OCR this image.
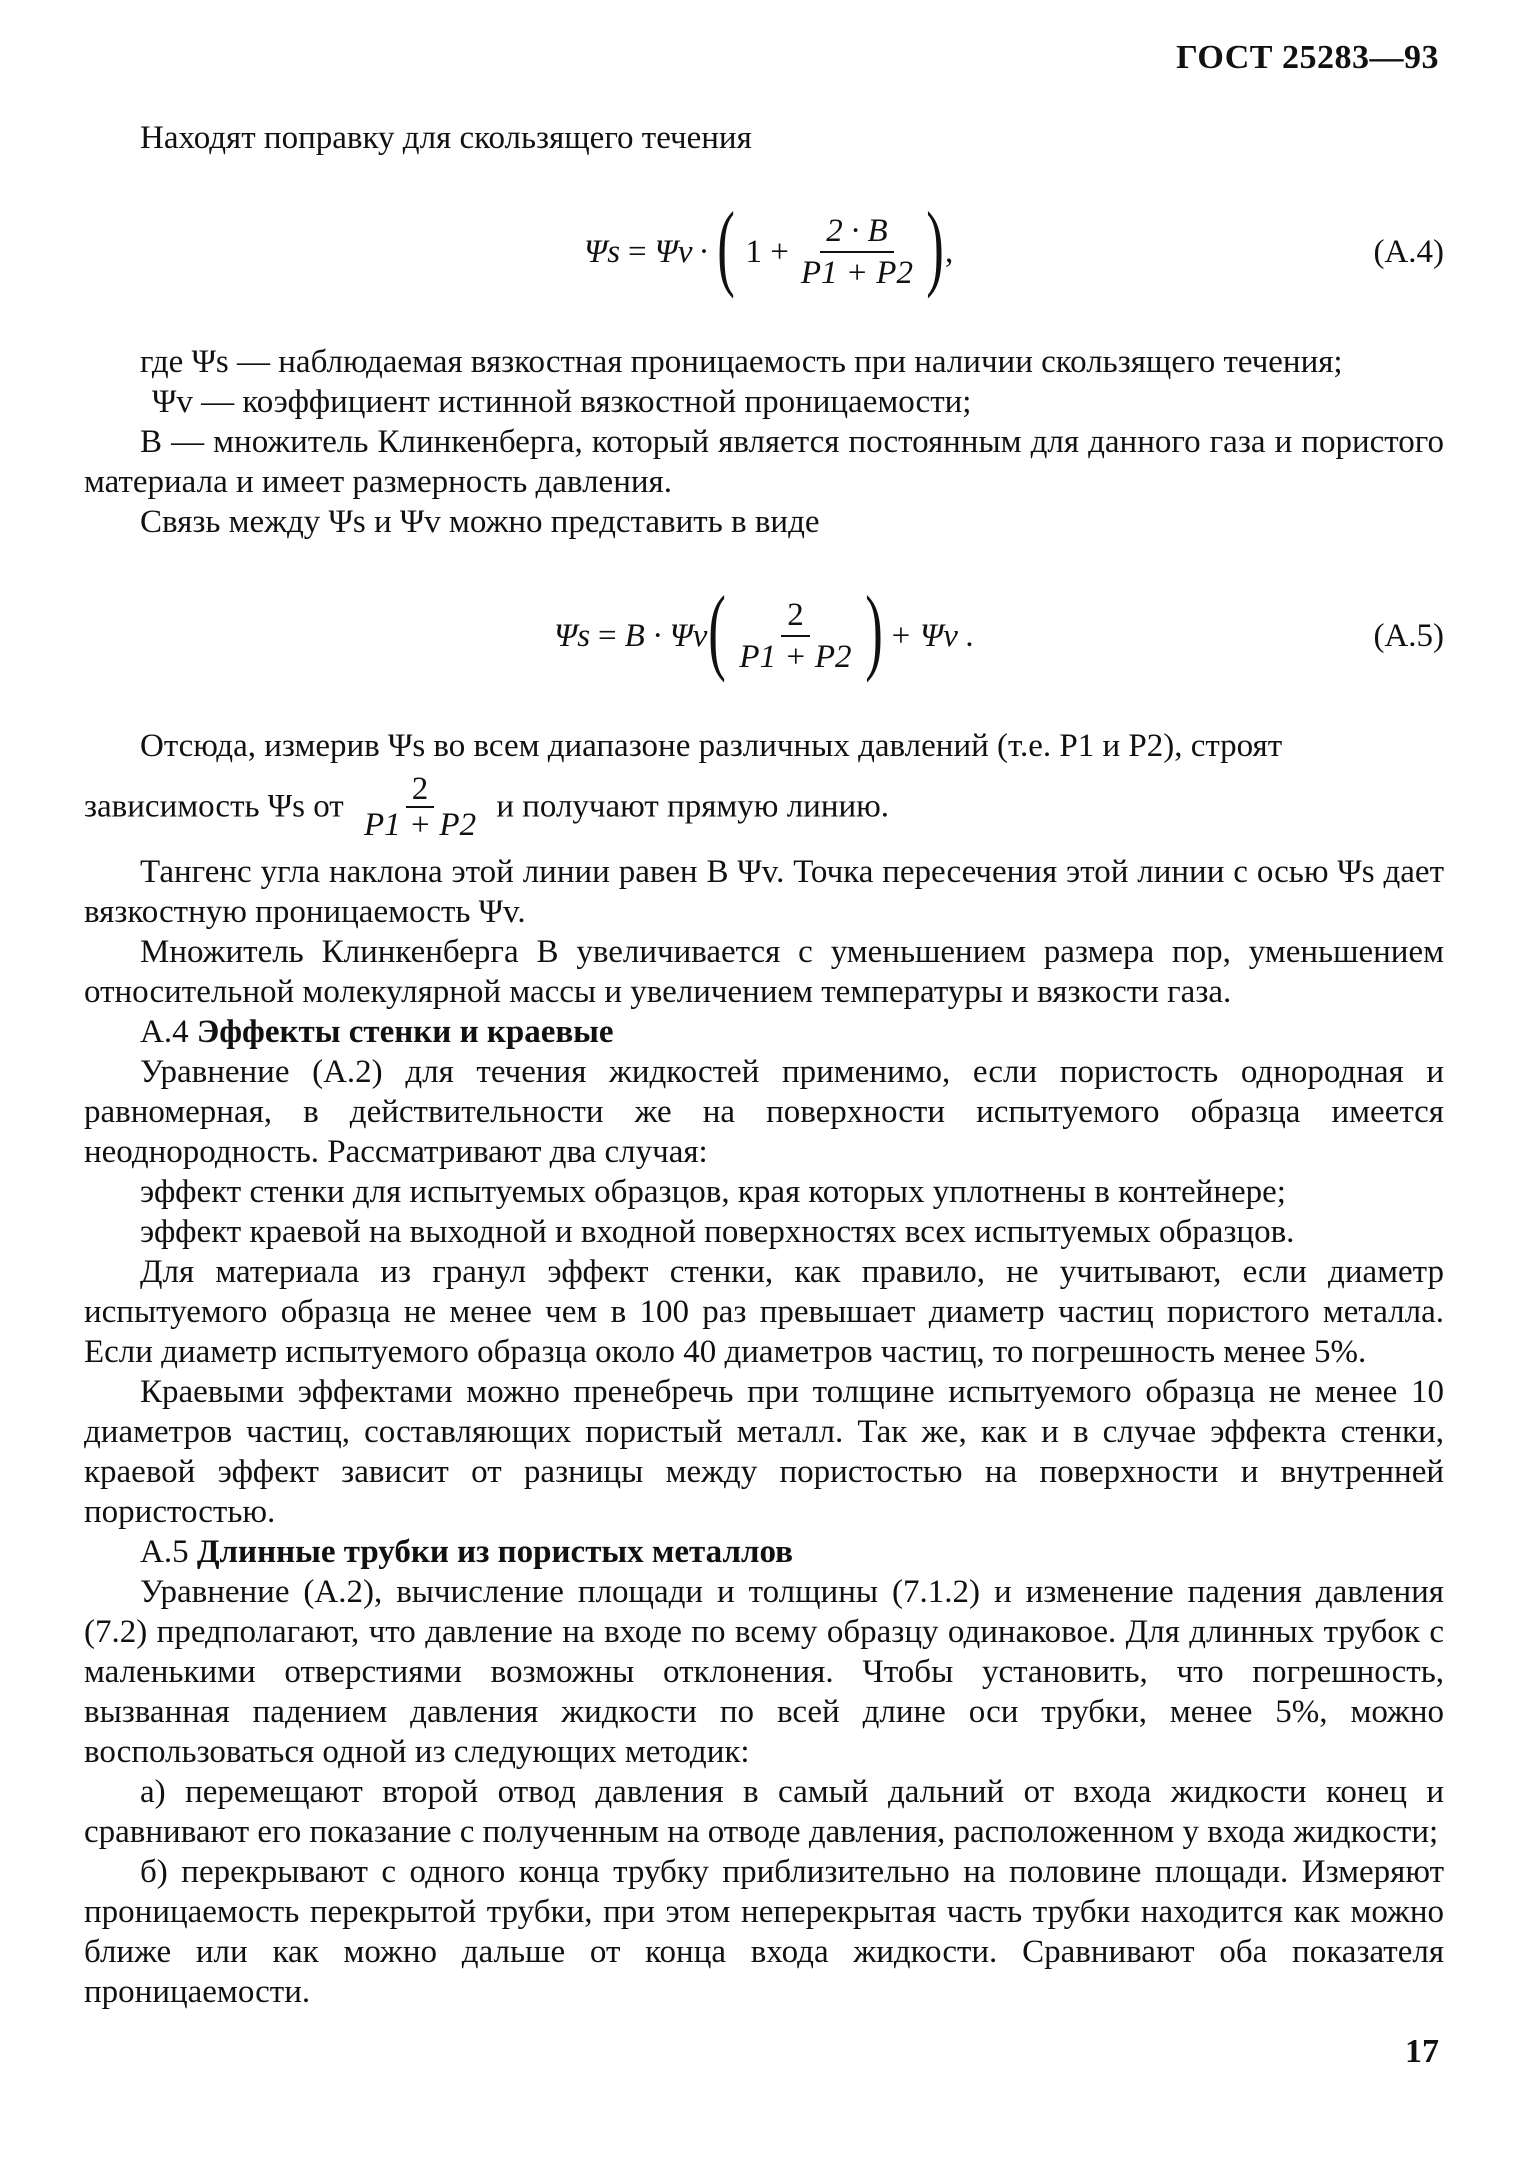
ГОСТ 25283—93

Находят поправку для скользящего течения

Ψs = Ψv · ( $1 + \frac{2 \cdot B}{P1 + P2}$ ) ,	(А.4)

где Ψs — наблюдаемая вязкостная проницаемость при наличии скользящего течения;

Ψv — коэффициент истинной вязкостной проницаемости;

B — множитель Клинкенберга, который является постоянным для данного газа и пористого материала и имеет размерность давления.

Связь между Ψs и Ψv можно представить в виде

Ψs = B · Ψv ( $\frac{2}{P1 + P2}$ ) + Ψv .	(А.5)

Отсюда, измерив Ψs во всем диапазоне различных давлений (т.е. P1 и P2), строят

зависимость Ψs от $\frac{2}{P1 + P2}$ и получают прямую линию.

Тангенс угла наклона этой линии равен B Ψv. Точка пересечения этой линии с осью Ψs дает вязкостную проницаемость Ψv.

Множитель Клинкенберга B увеличивается с уменьшением размера пор, уменьшением относительной молекулярной массы и увеличением температуры и вязкости газа.

А.4 Эффекты стенки и краевые

Уравнение (А.2) для течения жидкостей применимо, если пористость однородная и равномерная, в действительности же на поверхности испытуемого образца имеется неоднородность. Рассматривают два случая:

эффект стенки для испытуемых образцов, края которых уплотнены в контейнере;

эффект краевой на выходной и входной поверхностях всех испытуемых образцов.

Для материала из гранул эффект стенки, как правило, не учитывают, если диаметр испытуемого образца не менее чем в 100 раз превышает диаметр частиц пористого металла. Если диаметр испытуемого образца около 40 диаметров частиц, то погрешность менее 5%.

Краевыми эффектами можно пренебречь при толщине испытуемого образца не менее 10 диаметров частиц, составляющих пористый металл. Так же, как и в случае эффекта стенки, краевой эффект зависит от разницы между пористостью на поверхности и внутренней пористостью.

А.5 Длинные трубки из пористых металлов

Уравнение (А.2), вычисление площади и толщины (7.1.2) и изменение падения давления (7.2) предполагают, что давление на входе по всему образцу одинаковое. Для длинных трубок с маленькими отверстиями возможны отклонения. Чтобы установить, что погрешность, вызванная падением давления жидкости по всей длине оси трубки, менее 5%, можно воспользоваться одной из следующих методик:

а) перемещают второй отвод давления в самый дальний от входа жидкости конец и сравнивают его показание с полученным на отводе давления, расположенном у входа жидкости;

б) перекрывают с одного конца трубку приблизительно на половине площади. Измеряют проницаемость перекрытой трубки, при этом неперекрытая часть трубки находится как можно ближе или как можно дальше от конца входа жидкости. Сравнивают оба показателя проницаемости.

17
